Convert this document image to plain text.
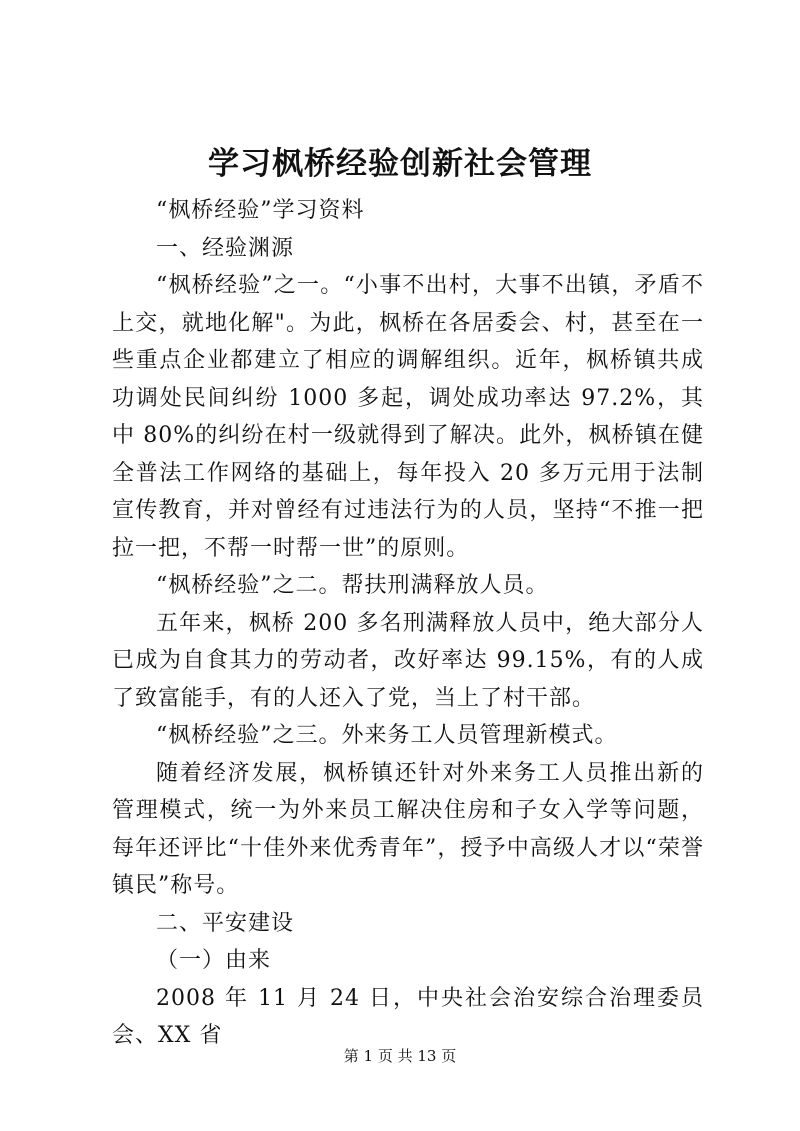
学习枫桥经验创新社会管理

“枫桥经验”学习资料

一、经验渊源

“枫桥经验”之一。“小事不出村，大事不出镇，矛盾不上交，就地化解"。为此，枫桥在各居委会、村，甚至在一些重点企业都建立了相应的调解组织。近年，枫桥镇共成功调处民间纠纷 1000 多起，调处成功率达 97.2%，其中 80%的纠纷在村一级就得到了解决。此外，枫桥镇在健全普法工作网络的基础上，每年投入 20 多万元用于法制宣传教育，并对曾经有过违法行为的人员，坚持“不推一把拉一把，不帮一时帮一世”的原则。

“枫桥经验”之二。帮扶刑满释放人员。

五年来，枫桥 200 多名刑满释放人员中，绝大部分人已成为自食其力的劳动者，改好率达 99.15%，有的人成了致富能手，有的人还入了党，当上了村干部。

“枫桥经验”之三。外来务工人员管理新模式。

随着经济发展，枫桥镇还针对外来务工人员推出新的管理模式，统一为外来员工解决住房和子女入学等问题，每年还评比“十佳外来优秀青年”，授予中高级人才以“荣誉镇民”称号。

二、平安建设

（一）由来

2008 年 11 月 24 日，中央社会治安综合治理委员会、XX 省

第 1 页 共 13 页
